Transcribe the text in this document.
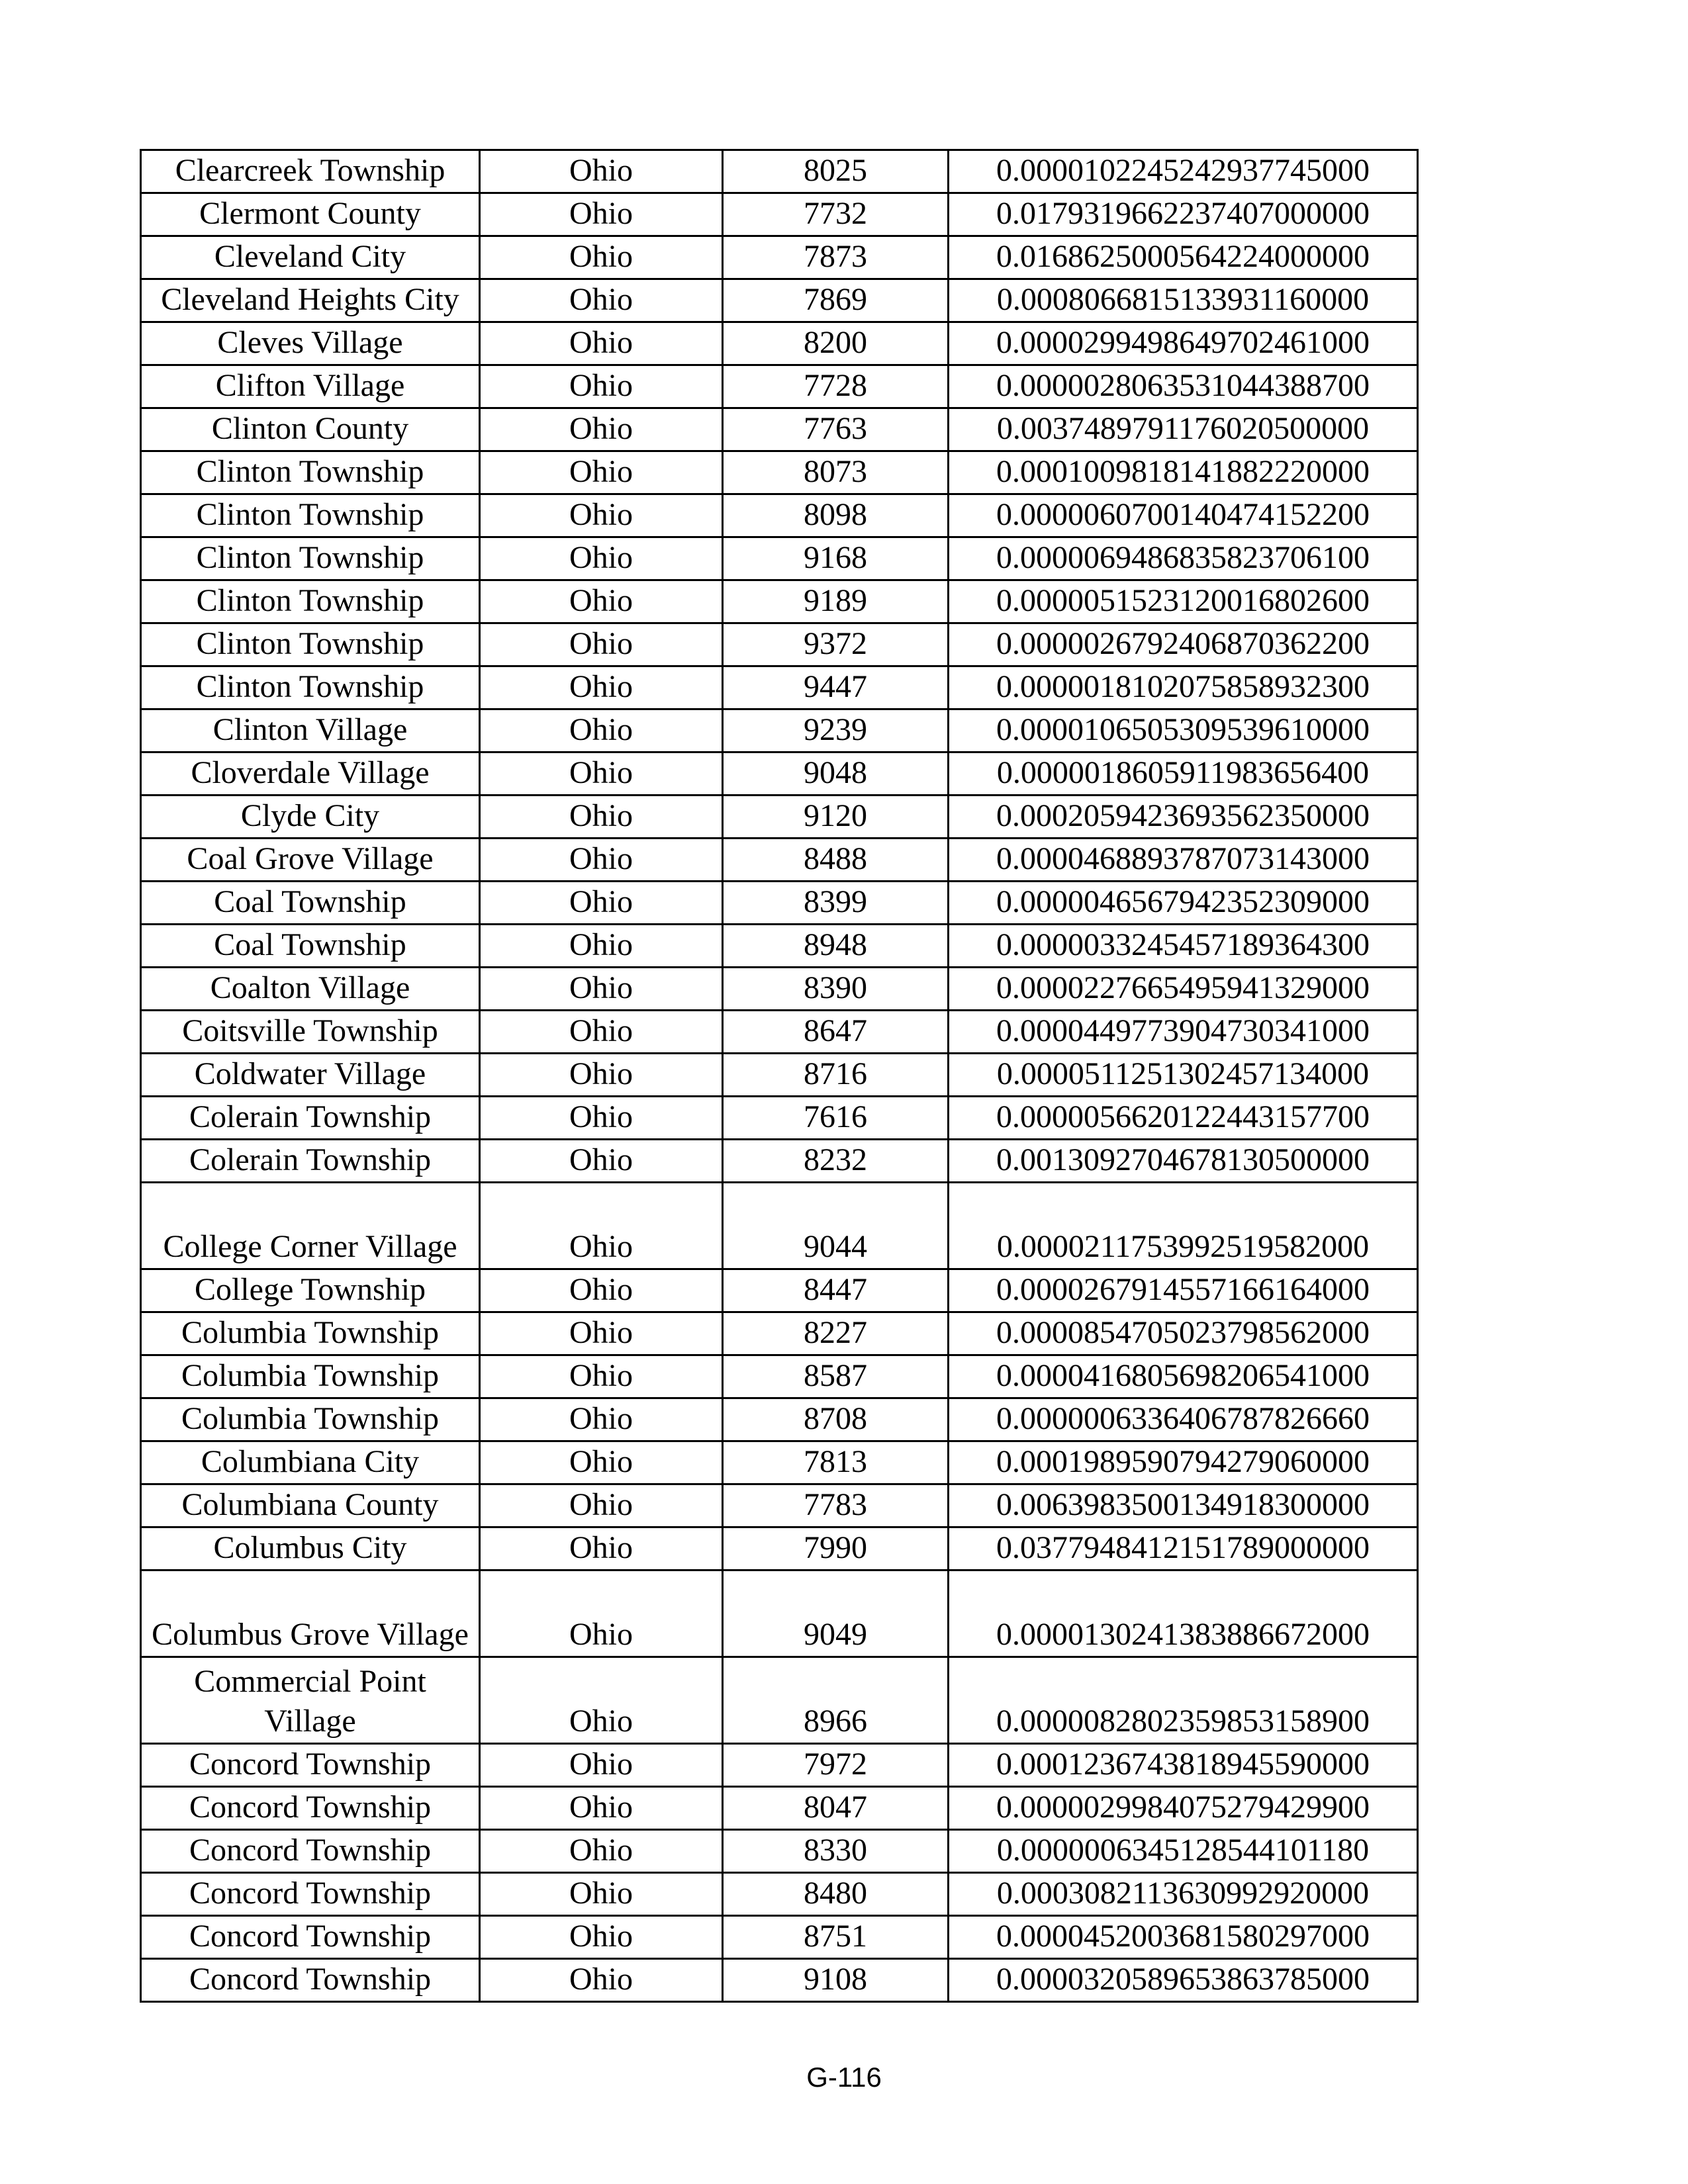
Clearcreek Township	Ohio	8025	0.0000102245242937745000
Clermont County	Ohio	7732	0.0179319662237407000000
Cleveland City	Ohio	7873	0.0168625000564224000000
Cleveland Heights City	Ohio	7869	0.0008066815133931160000
Cleves Village	Ohio	8200	0.0000299498649702461000
Clifton Village	Ohio	7728	0.0000028063531044388700
Clinton County	Ohio	7763	0.0037489791176020500000
Clinton Township	Ohio	8073	0.0001009818141882220000
Clinton Township	Ohio	8098	0.0000060700140474152200
Clinton Township	Ohio	9168	0.0000069486835823706100
Clinton Township	Ohio	9189	0.0000051523120016802600
Clinton Township	Ohio	9372	0.0000026792406870362200
Clinton Township	Ohio	9447	0.0000018102075858932300
Clinton Village	Ohio	9239	0.0000106505309539610000
Cloverdale Village	Ohio	9048	0.0000018605911983656400
Clyde City	Ohio	9120	0.0002059423693562350000
Coal Grove Village	Ohio	8488	0.0000468893787073143000
Coal Township	Ohio	8399	0.0000046567942352309000
Coal Township	Ohio	8948	0.0000033245457189364300
Coalton Village	Ohio	8390	0.0000227665495941329000
Coitsville Township	Ohio	8647	0.0000449773904730341000
Coldwater Village	Ohio	8716	0.0000511251302457134000
Colerain Township	Ohio	7616	0.0000056620122443157700
Colerain Township	Ohio	8232	0.0013092704678130500000
College Corner Village	Ohio	9044	0.0000211753992519582000
College Township	Ohio	8447	0.0000267914557166164000
Columbia Township	Ohio	8227	0.0000854705023798562000
Columbia Township	Ohio	8587	0.0000416805698206541000
Columbia Township	Ohio	8708	0.0000006336406787826660
Columbiana City	Ohio	7813	0.0001989590794279060000
Columbiana County	Ohio	7783	0.0063983500134918300000
Columbus City	Ohio	7990	0.0377948412151789000000
Columbus Grove Village	Ohio	9049	0.0000130241383886672000
Commercial Point Village	Ohio	8966	0.0000082802359853158900
Concord Township	Ohio	7972	0.0001236743818945590000
Concord Township	Ohio	8047	0.0000029984075279429900
Concord Township	Ohio	8330	0.0000006345128544101180
Concord Township	Ohio	8480	0.0003082113630992920000
Concord Township	Ohio	8751	0.0000452003681580297000
Concord Township	Ohio	9108	0.0000320589653863785000
G-116
